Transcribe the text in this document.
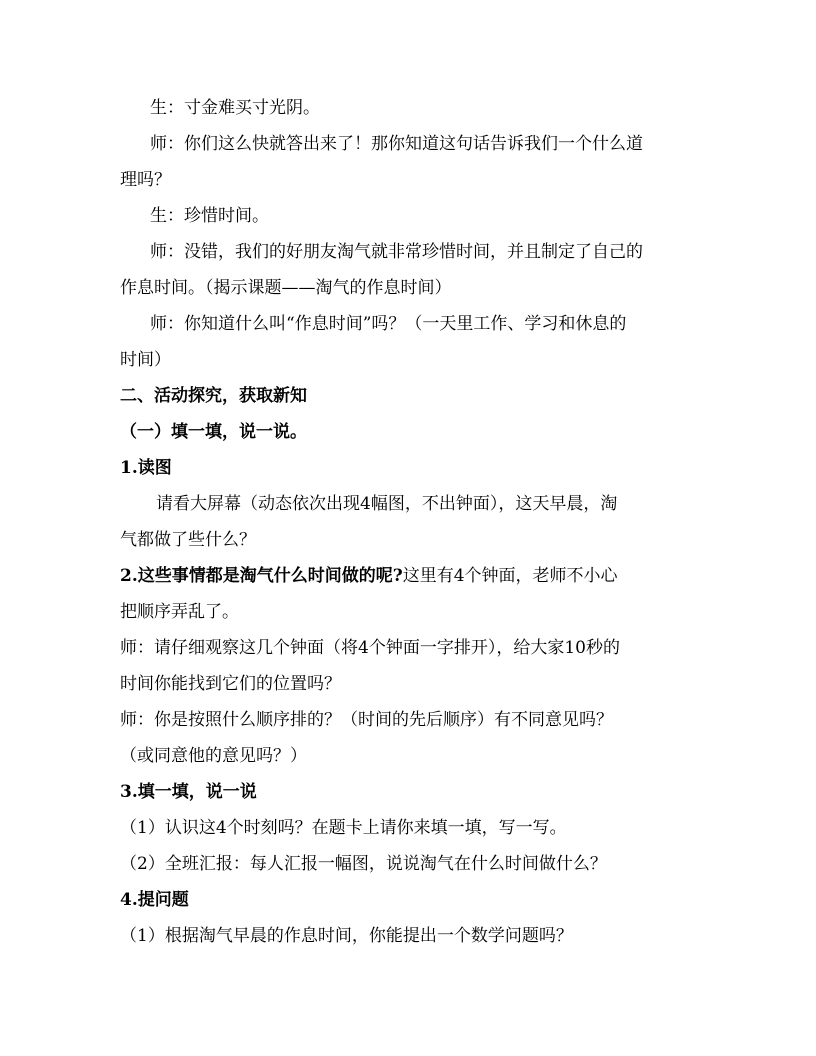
生：寸金难买寸光阴。
师：你们这么快就答出来了！那你知道这句话告诉我们一个什么道
理吗？
生：珍惜时间。
师：没错，我们的好朋友淘气就非常珍惜时间，并且制定了自己的
作息时间。（揭示课题——淘气的作息时间）
师：你知道什么叫“作息时间”吗？（一天里工作、学习和休息的
时间）
二、活动探究，获取新知
（一）填一填，说一说。
1.读图
请看大屏幕（动态依次出现4幅图，不出钟面），这天早晨，淘
气都做了些什么？
2.这些事情都是淘气什么时间做的呢?这里有4个钟面，老师不小心
把顺序弄乱了。
师：请仔细观察这几个钟面（将4个钟面一字排开），给大家10秒的
时间你能找到它们的位置吗？
师：你是按照什么顺序排的？（时间的先后顺序）有不同意见吗？
（或同意他的意见吗？）
3.填一填，说一说
（1）认识这4个时刻吗？在题卡上请你来填一填，写一写。
（2）全班汇报：每人汇报一幅图，说说淘气在什么时间做什么？
4.提问题
（1）根据淘气早晨的作息时间，你能提出一个数学问题吗？
